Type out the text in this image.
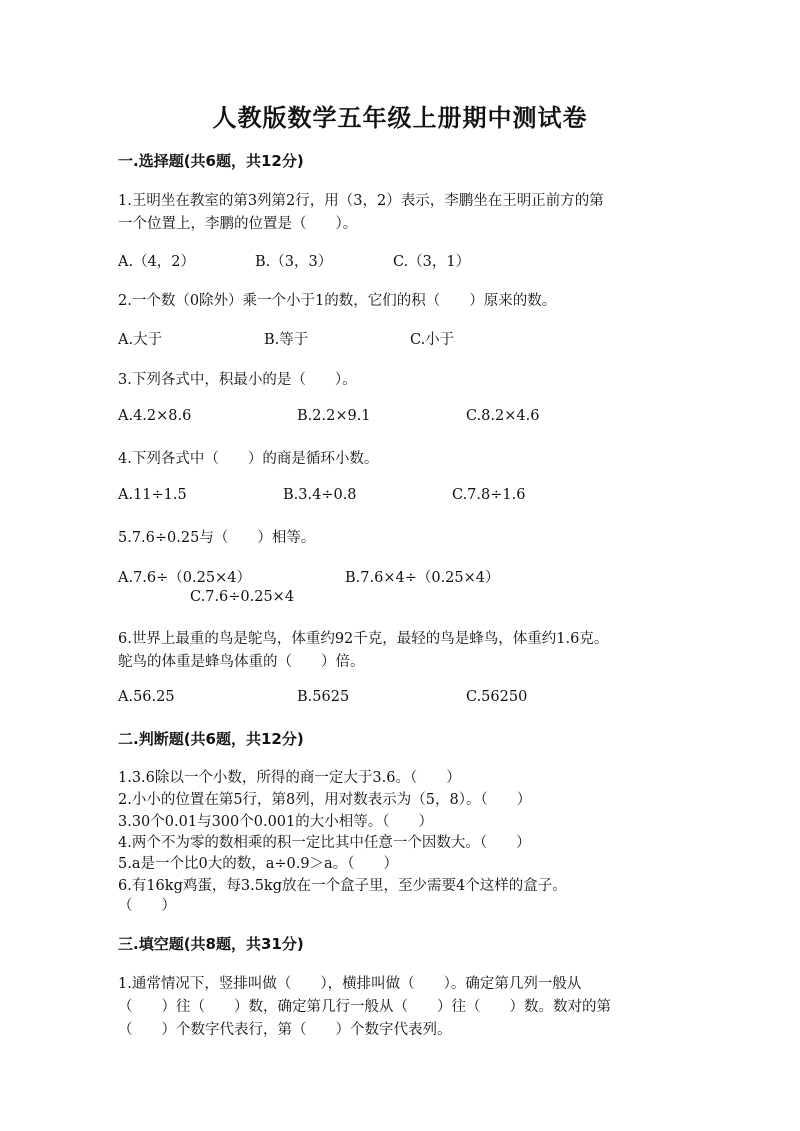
人教版数学五年级上册期中测试卷
一.选择题(共6题，共12分)
1.王明坐在教室的第3列第2行，用（3，2）表示，李鹏坐在王明正前方的第
一个位置上，李鹏的位置是（　　）。
A.（4，2）	B.（3，3）	C.（3，1）
2.一个数（0除外）乘一个小于1的数，它们的积（　　）原来的数。
A.大于	B.等于	C.小于
3.下列各式中，积最小的是（　　）。
A.4.2×8.6	B.2.2×9.1	C.8.2×4.6
4.下列各式中（　　）的商是循环小数。
A.11÷1.5	B.3.4÷0.8	C.7.8÷1.6
5.7.6÷0.25与（　　）相等。
A.7.6÷（0.25×4）	B.7.6×4÷（0.25×4）
C.7.6÷0.25×4
6.世界上最重的鸟是鸵鸟，体重约92千克，最轻的鸟是蜂鸟，体重约1.6克。
鸵鸟的体重是蜂鸟体重的（　　）倍。
A.56.25	B.5625	C.56250
二.判断题(共6题，共12分)
1.3.6除以一个小数，所得的商一定大于3.6。（　　）
2.小小的位置在第5行，第8列，用对数表示为（5，8）。（　　）
3.30个0.01与300个0.001的大小相等。（　　）
4.两个不为零的数相乘的积一定比其中任意一个因数大。（　　）
5.a是一个比0大的数，a÷0.9＞a。（　　）
6.有16kg鸡蛋，每3.5kg放在一个盒子里，至少需要4个这样的盒子。
（　　）
三.填空题(共8题，共31分)
1.通常情况下，竖排叫做（　　），横排叫做（　　）。确定第几列一般从
（　　）往（　　）数，确定第几行一般从（　　）往（　　）数。数对的第
（　　）个数字代表行，第（　　）个数字代表列。
